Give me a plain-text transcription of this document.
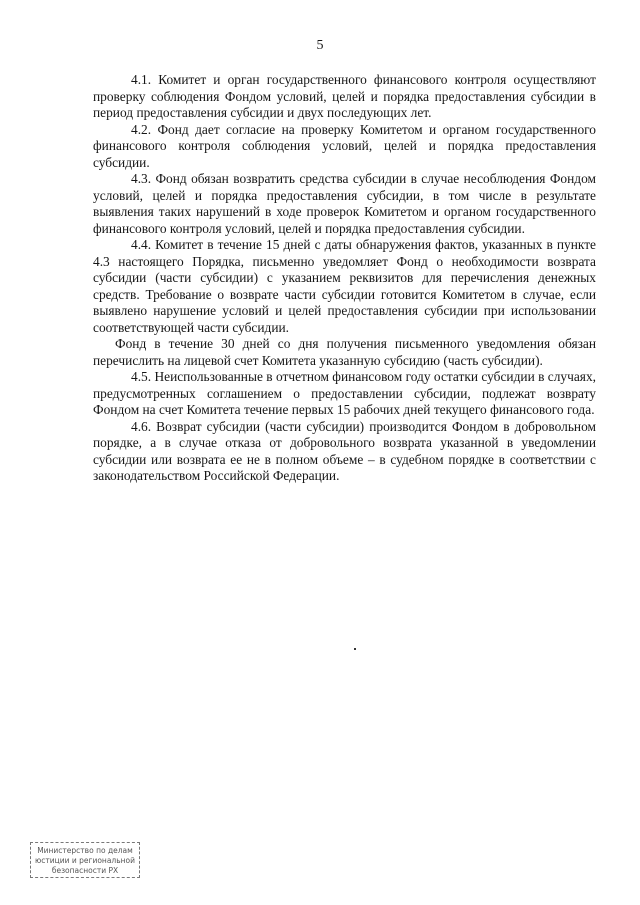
5

4.1. Комитет и орган государственного финансового контроля осуществляют проверку соблюдения Фондом условий, целей и порядка предоставления субсидии в период предоставления субсидии и двух последующих лет.

4.2. Фонд дает согласие на проверку Комитетом и органом государственного финансового контроля соблюдения условий, целей и порядка предоставления субсидии.

4.3. Фонд обязан возвратить средства субсидии в случае несоблюдения Фондом условий, целей и порядка предоставления субсидии, в том числе в результате выявления таких нарушений в ходе проверок Комитетом и органом государственного финансового контроля условий, целей и порядка предоставления субсидии.

4.4. Комитет в течение 15 дней с даты обнаружения фактов, указанных в пункте 4.3 настоящего Порядка, письменно уведомляет Фонд о необходимости возврата субсидии (части субсидии) с указанием реквизитов для перечисления денежных средств. Требование о возврате части субсидии готовится Комитетом в случае, если выявлено нарушение условий и целей предоставления субсидии при использовании соответствующей части субсидии.

Фонд в течение 30 дней со дня получения письменного уведомления обязан перечислить на лицевой счет Комитета указанную субсидию (часть субсидии).

4.5. Неиспользованные в отчетном финансовом году остатки субсидии в случаях, предусмотренных соглашением о предоставлении субсидии, подлежат возврату Фондом на счет Комитета течение первых 15 рабочих дней текущего финансового года.

4.6. Возврат субсидии (части субсидии) производится Фондом в добровольном порядке, а в случае отказа от добровольного возврата указанной в уведомлении субсидии или возврата ее не в полном объеме – в судебном порядке в соответствии с законодательством Российской Федерации.

Министерство по делам
юстиции и региональной
безопасности РХ
